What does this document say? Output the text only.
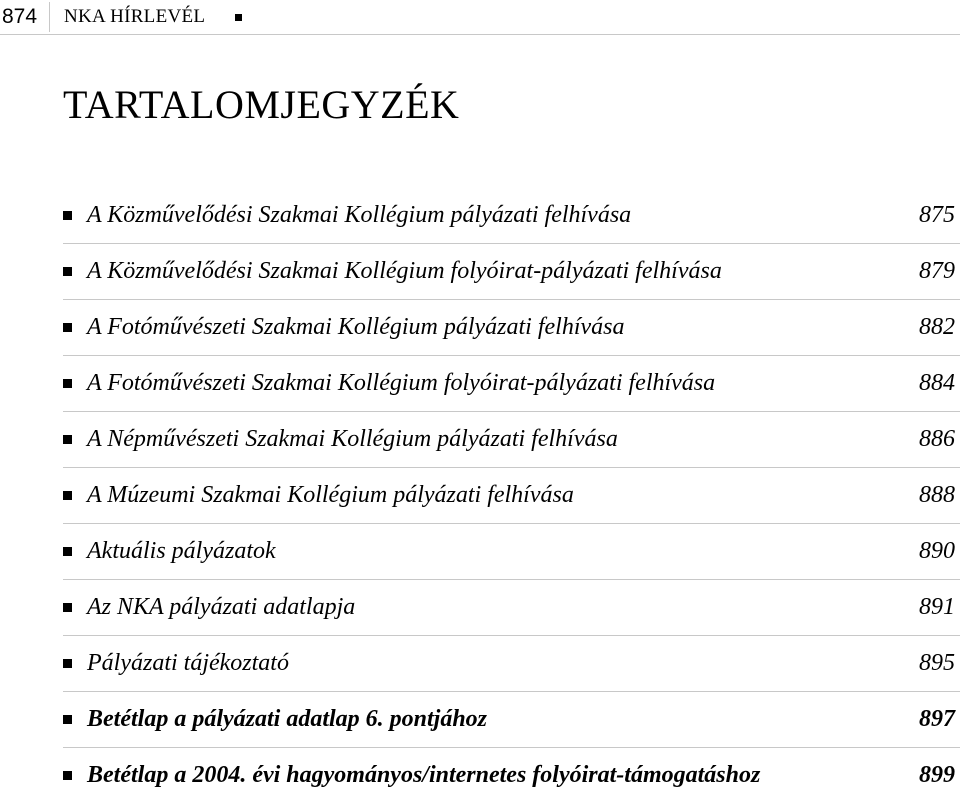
874	NKA HÍRLEVÉL
TARTALOMJEGYZÉK
A Közművelődési Szakmai Kollégium pályázati felhívása	875
A Közművelődési Szakmai Kollégium folyóirat-pályázati felhívása	879
A Fotóművészeti Szakmai Kollégium pályázati felhívása	882
A Fotóművészeti Szakmai Kollégium folyóirat-pályázati felhívása	884
A Népművészeti Szakmai Kollégium pályázati felhívása	886
A Múzeumi Szakmai Kollégium pályázati felhívása	888
Aktuális pályázatok	890
Az NKA pályázati adatlapja	891
Pályázati tájékoztató	895
Betétlap a pályázati adatlap 6. pontjához	897
Betétlap a 2004. évi hagyományos/internetes folyóirat-támogatáshoz	899
